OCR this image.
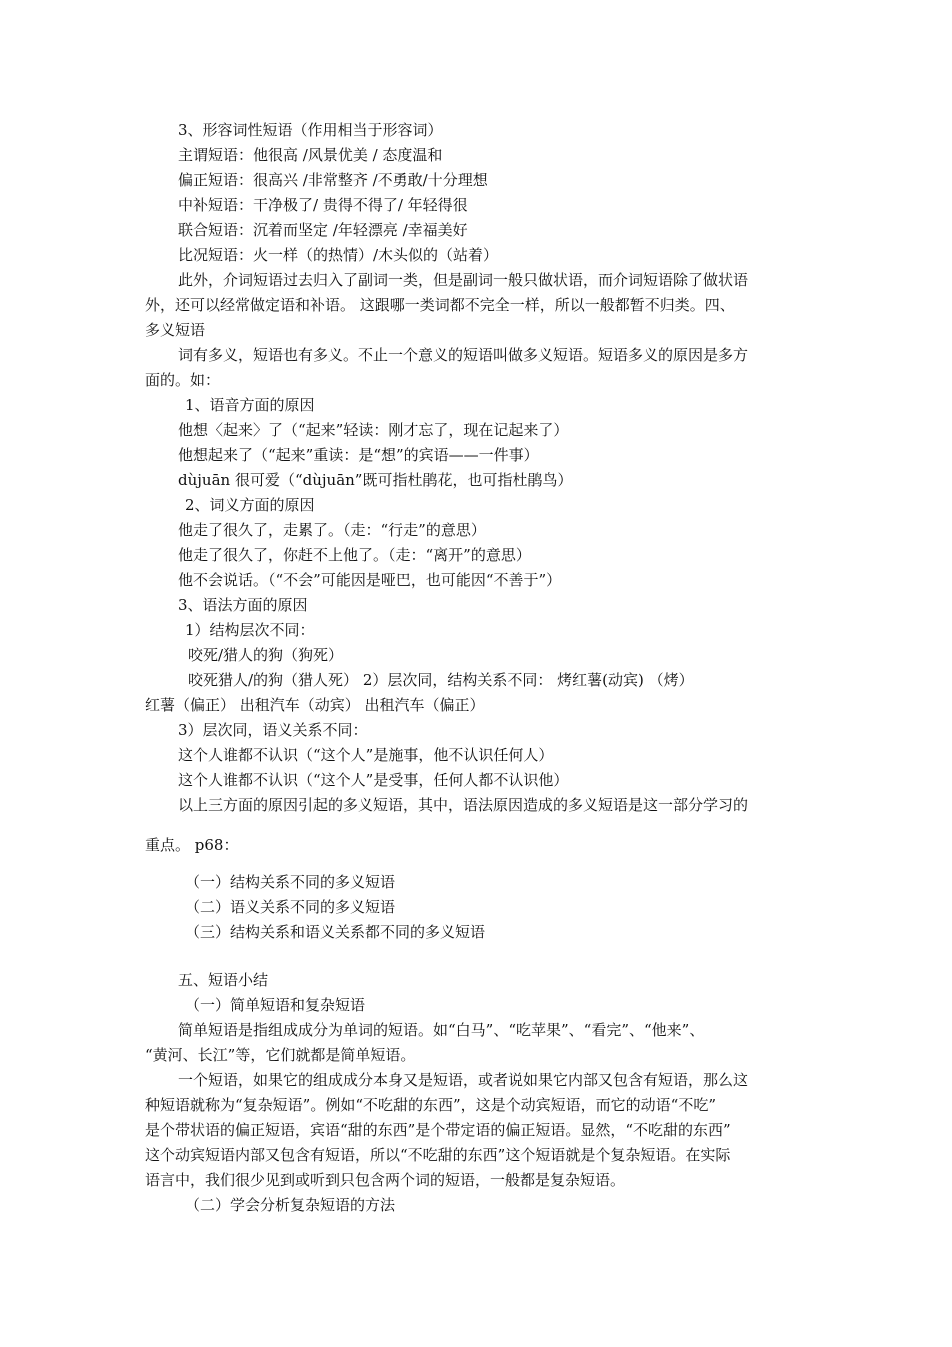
3、形容词性短语（作用相当于形容词）
主谓短语：他很高 /风景优美 / 态度温和
偏正短语：很高兴 /非常整齐 /不勇敢/十分理想
中补短语：干净极了/ 贵得不得了/ 年轻得很
联合短语：沉着而坚定 /年轻漂亮 /幸福美好
比况短语：火一样（的热情）/木头似的（站着）
此外，介词短语过去归入了副词一类，但是副词一般只做状语，而介词短语除了做状语
外，还可以经常做定语和补语。 这跟哪一类词都不完全一样，所以一般都暂不归类。四、
多义短语
词有多义，短语也有多义。不止一个意义的短语叫做多义短语。短语多义的原因是多方
面的。如：
1、语音方面的原因
他想〈起来〉了（“起来”轻读：刚才忘了，现在记起来了）
他想起来了（“起来”重读：是“想”的宾语——一件事）
dùjuān 很可爱（“dùjuān”既可指杜鹃花，也可指杜鹃鸟）
2、词义方面的原因
他走了很久了，走累了。（走：“行走”的意思）
他走了很久了，你赶不上他了。（走：“离开”的意思）
他不会说话。（“不会”可能因是哑巴，也可能因“不善于”）
3、语法方面的原因
1）结构层次不同：
咬死/猎人的狗（狗死）
咬死猎人/的狗（猎人死） 2）层次同，结构关系不同： 烤红薯(动宾) （烤）
红薯（偏正） 出租汽车（动宾） 出租汽车（偏正）
3）层次同，语义关系不同：
这个人谁都不认识（“这个人”是施事，他不认识任何人）
这个人谁都不认识（“这个人”是受事，任何人都不认识他）
以上三方面的原因引起的多义短语，其中，语法原因造成的多义短语是这一部分学习的
重点。 p68：
（一）结构关系不同的多义短语
（二）语义关系不同的多义短语
（三）结构关系和语义关系都不同的多义短语
五、短语小结
（一）简单短语和复杂短语
简单短语是指组成成分为单词的短语。如“白马”、“吃苹果”、“看完”、“他来”、
“黄河、长江”等，它们就都是简单短语。
一个短语，如果它的组成成分本身又是短语，或者说如果它内部又包含有短语，那么这
种短语就称为“复杂短语”。例如“不吃甜的东西”，这是个动宾短语，而它的动语“不吃”
是个带状语的偏正短语，宾语“甜的东西”是个带定语的偏正短语。显然，“不吃甜的东西”
这个动宾短语内部又包含有短语，所以“不吃甜的东西”这个短语就是个复杂短语。在实际
语言中，我们很少见到或听到只包含两个词的短语，一般都是复杂短语。
（二）学会分析复杂短语的方法
